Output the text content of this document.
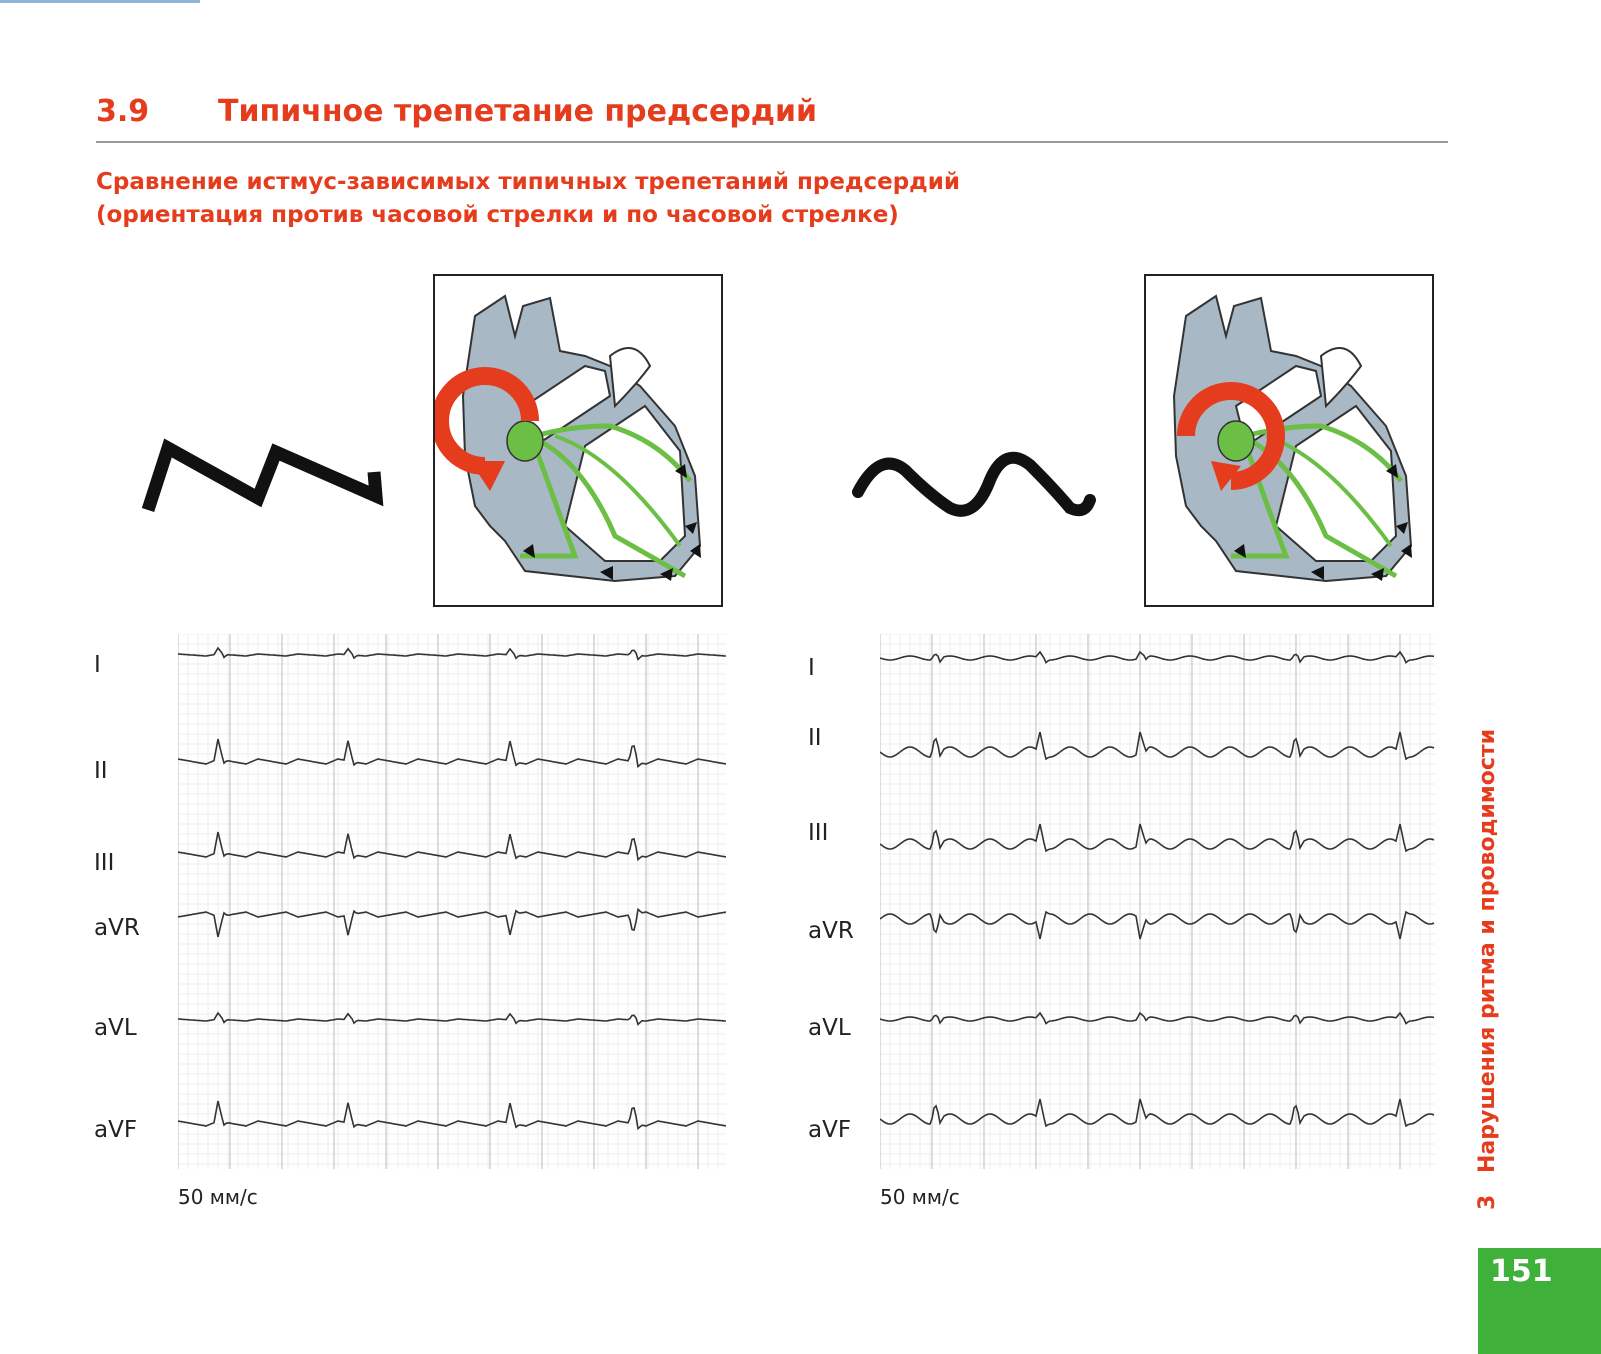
3.9 Типичное трепетание предсердий
Сравнение истмус-зависимых типичных трепетаний предсердий
(ориентация против часовой стрелки и по часовой стрелке)
I
II
III
aVR
aVL
aVF
50 мм/с
I
II
III
aVR
aVL
aVF
50 мм/с	3 Нарушения ритма и проводимости
151
